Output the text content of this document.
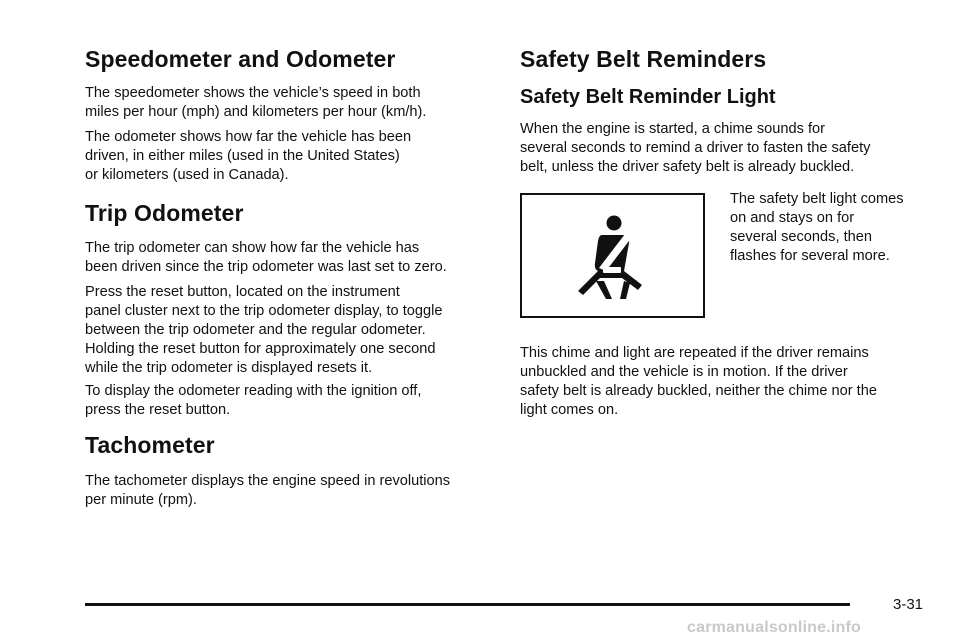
Speedometer and Odometer

The speedometer shows the vehicle’s speed in both
miles per hour (mph) and kilometers per hour (km/h).

The odometer shows how far the vehicle has been
driven, in either miles (used in the United States)
or kilometers (used in Canada).

Trip Odometer

The trip odometer can show how far the vehicle has
been driven since the trip odometer was last set to zero.

Press the reset button, located on the instrument
panel cluster next to the trip odometer display, to toggle
between the trip odometer and the regular odometer.
Holding the reset button for approximately one second
while the trip odometer is displayed resets it.

To display the odometer reading with the ignition off,
press the reset button.

Tachometer

The tachometer displays the engine speed in revolutions
per minute (rpm).

Safety Belt Reminders
Safety Belt Reminder Light

When the engine is started, a chime sounds for
several seconds to remind a driver to fasten the safety
belt, unless the driver safety belt is already buckled.

The safety belt light comes
on and stays on for
several seconds, then
flashes for several more.

This chime and light are repeated if the driver remains
unbuckled and the vehicle is in motion. If the driver
safety belt is already buckled, neither the chime nor the
light comes on.

3-31
carmanualsonline.info
